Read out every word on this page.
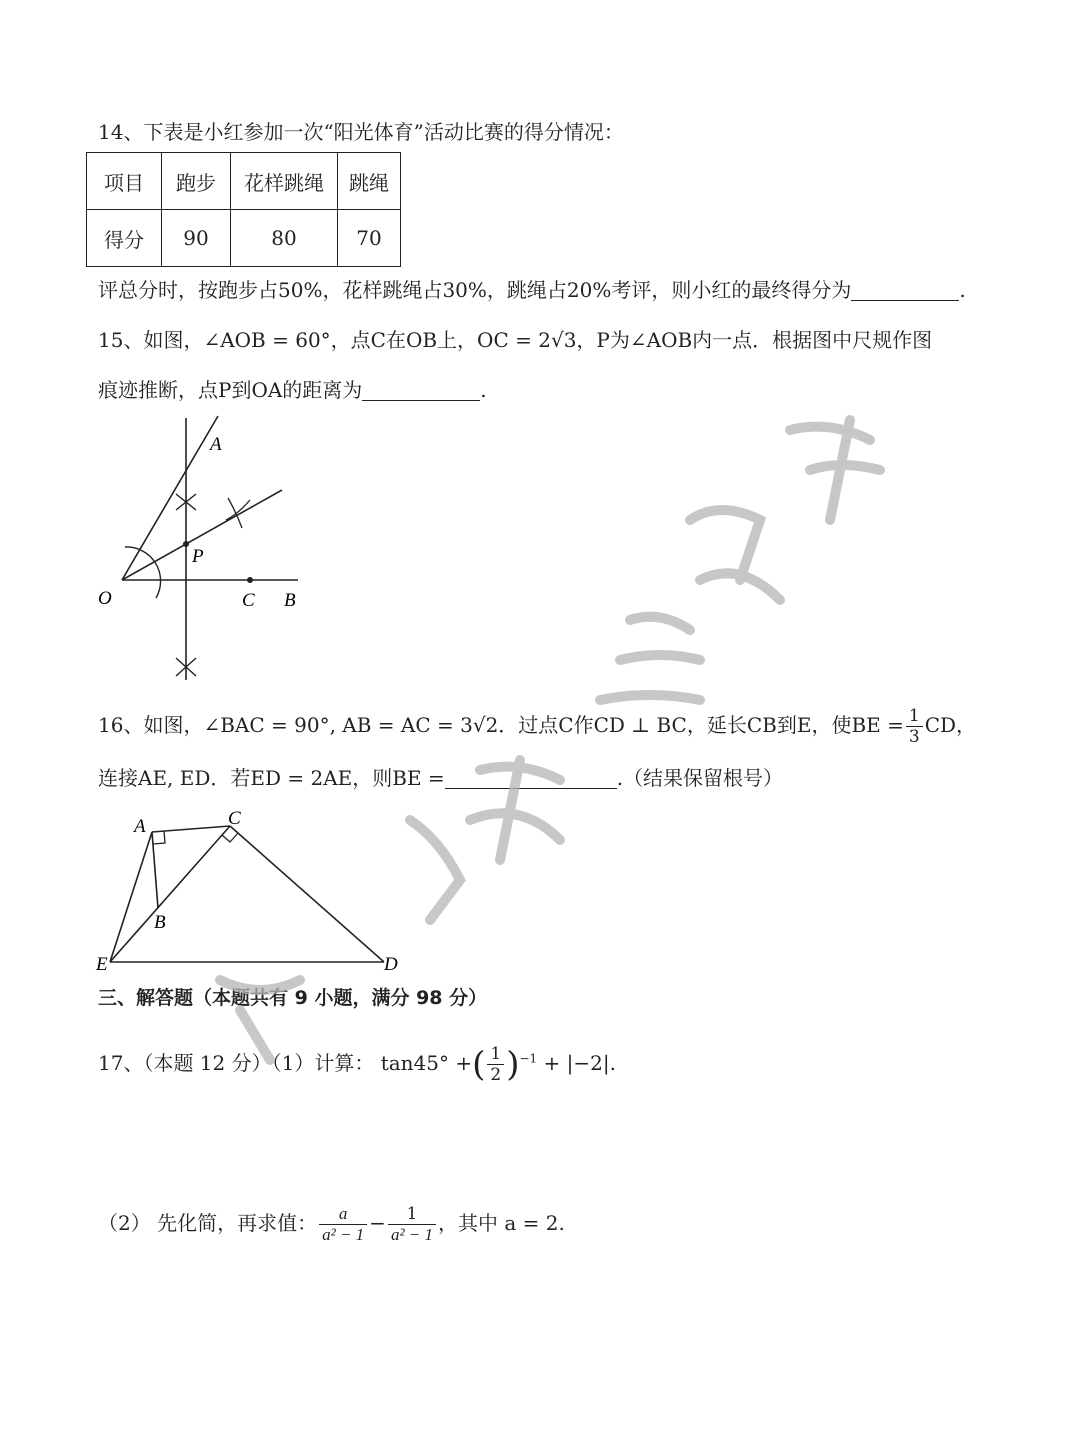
14、下表是小红参加一次“阳光体育”活动比赛的得分情况：
项目	跑步	花样跳绳	跳绳
得分	90	80	70
评总分时，按跑步占50%，花样跳绳占30%，跳绳占20%考评，则小红的最终得分为	.
15、如图，∠AOB = 60°，点C在OB上，OC = 2√3，P为∠AOB内一点．根据图中尺规作图
痕迹推断，点P到OA的距离为	.
A
O
P
C B
16、如图，∠BAC = 90°, AB = AC = 3√2．过点C作CD ⊥ BC，延长CB到E，使BE = $\frac{1}{3}$ CD，
连接AE, ED．若ED = 2AE，则BE =	.（结果保留根号）
A	C
B
E	D
三、解答题（本题共有 9 小题，满分 98 分）
17、（本题 12 分）（1）计算： tan45° +( $\frac{1}{2} )^{-1} + |-2|$.
（2） 先化简，再求值： $\frac{a}{\text{a² − 1}} - \frac{1}{\text{a² − 1}}$ ，其中 a = 2.
